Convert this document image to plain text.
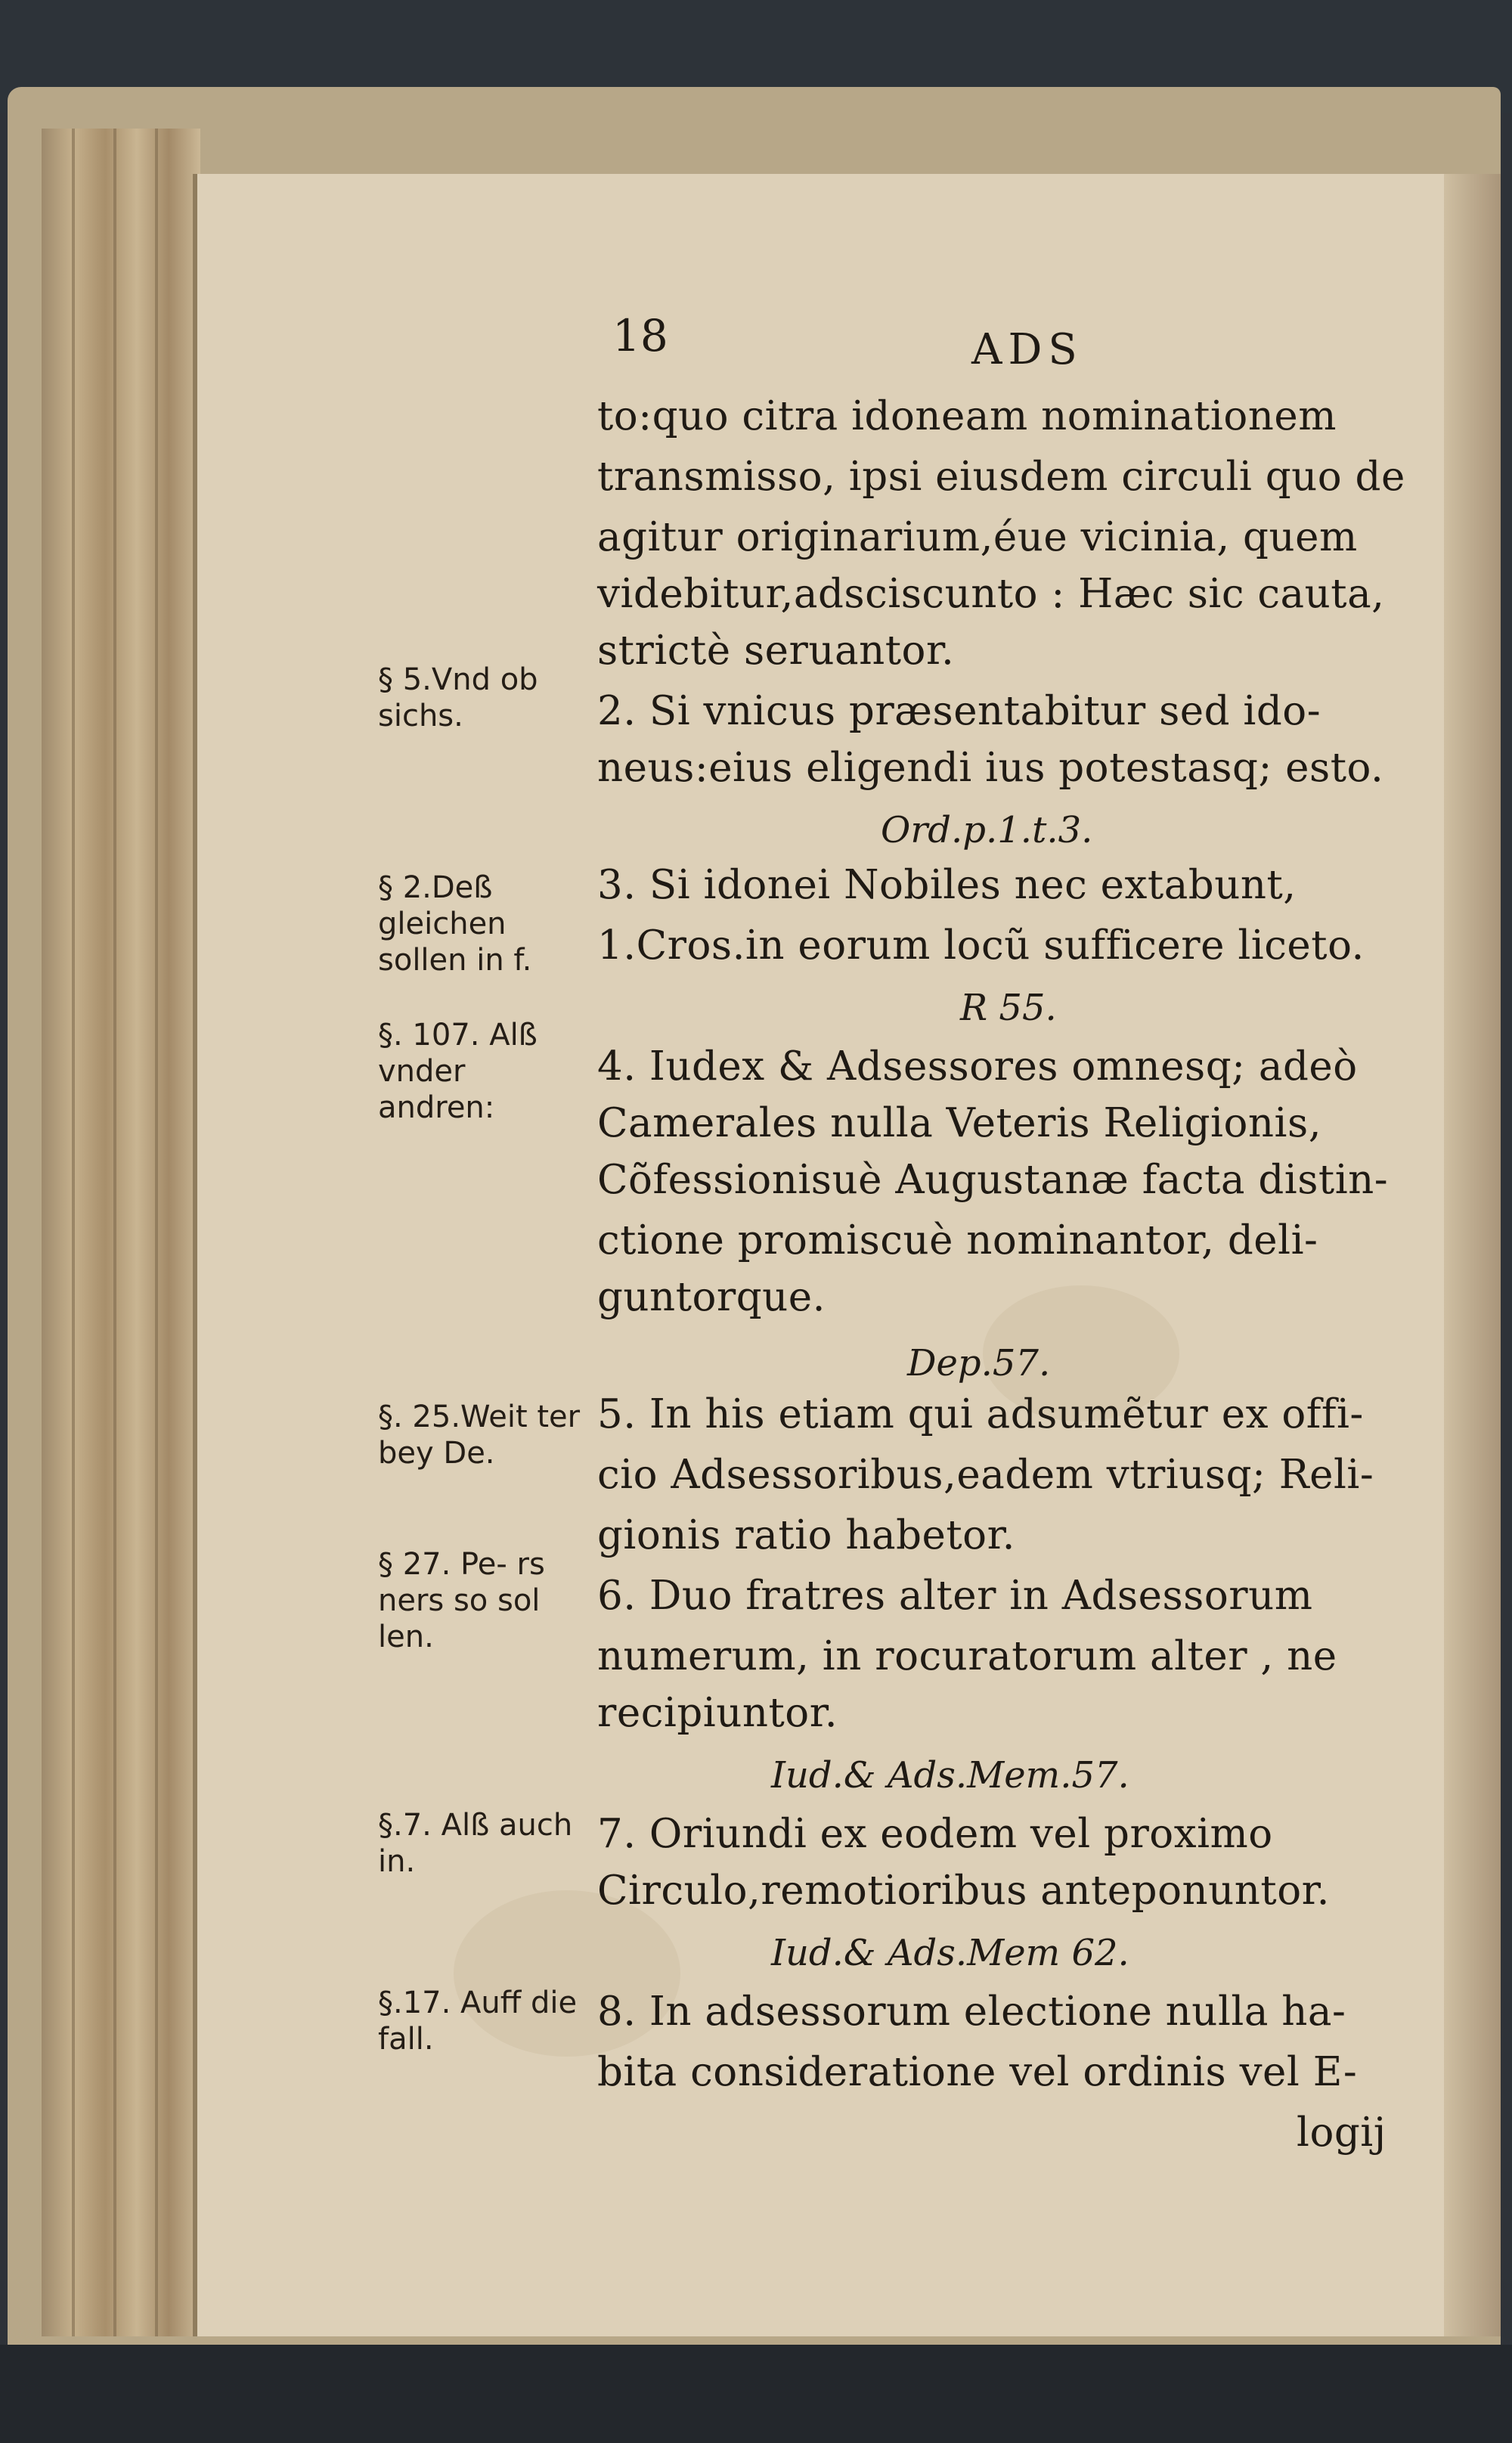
18	ADS
to:quo citra idoneam nominationem
transmisso, ipsi eiusdem circuli quo de
agitur originarium,éue vicinia, quem
videbitur,adsciscunto : Hæc sic cauta,
strictè seruantor.
2. Si vnicus præsentabitur sed ido-
neus:eius eligendi ius potestasq; esto.
Ord.p.1.t.3.
3. Si idonei Nobiles nec extabunt,
1.Cros.in eorum locũ sufficere liceto.
R 55.
4. Iudex & Adsessores omnesq; adeò
Camerales nulla Veteris Religionis,
Cõfessionisuè Augustanæ facta distin-
ctione promiscuè nominantor, deli-
guntorque.
Dep.57.
5. In his etiam qui adsumẽtur ex offi-
cio Adsessoribus,eadem vtriusq; Reli-
gionis ratio habetor.
6. Duo fratres alter in Adsessorum
numerum, in rocuratorum alter , ne
recipiuntor.
Iud.& Ads.Mem.57.
7. Oriundi ex eodem vel proximo
Circulo,remotioribus anteponuntor.
Iud.& Ads.Mem 62.
8. In adsessorum electione nulla ha-
bita consideratione vel ordinis vel E-
logij
§ 5.Vnd ob sichs.
§ 2.Deß gleichen sollen in f.
§. 107. Alß vnder andren:
§. 25.Weit ter bey De.
§ 27. Pe- rs ners so sol len.
§.7. Alß auch in.
§.17. Auff die fall.
